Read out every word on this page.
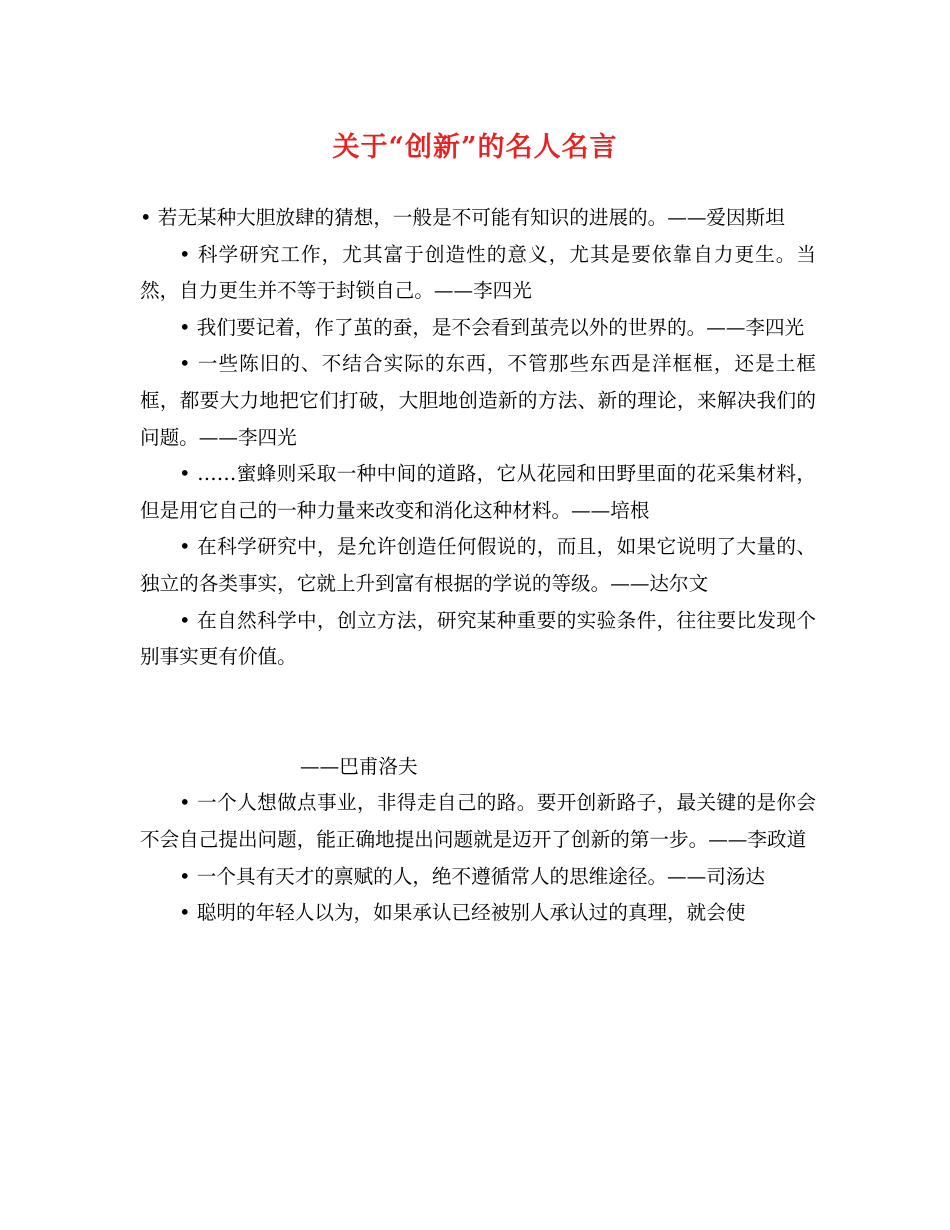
关于“创新”的名人名言

• 若无某种大胆放肆的猜想，一般是不可能有知识的进展的。——爱因斯坦

• 科学研究工作，尤其富于创造性的意义，尤其是要依靠自力更生。当然，自力更生并不等于封锁自己。——李四光

• 我们要记着，作了茧的蚕，是不会看到茧壳以外的世界的。——李四光

• 一些陈旧的、不结合实际的东西，不管那些东西是洋框框，还是土框框，都要大力地把它们打破，大胆地创造新的方法、新的理论，来解决我们的问题。——李四光

• ……蜜蜂则采取一种中间的道路，它从花园和田野里面的花采集材料，但是用它自己的一种力量来改变和消化这种材料。——培根

• 在科学研究中，是允许创造任何假说的，而且，如果它说明了大量的、独立的各类事实，它就上升到富有根据的学说的等级。——达尔文

• 在自然科学中，创立方法，研究某种重要的实验条件，往往要比发现个别事实更有价值。

——巴甫洛夫

• 一个人想做点事业，非得走自己的路。要开创新路子，最关键的是你会不会自己提出问题，能正确地提出问题就是迈开了创新的第一步。——李政道

• 一个具有天才的禀赋的人，绝不遵循常人的思维途径。——司汤达

• 聪明的年轻人以为，如果承认已经被别人承认过的真理，就会使
